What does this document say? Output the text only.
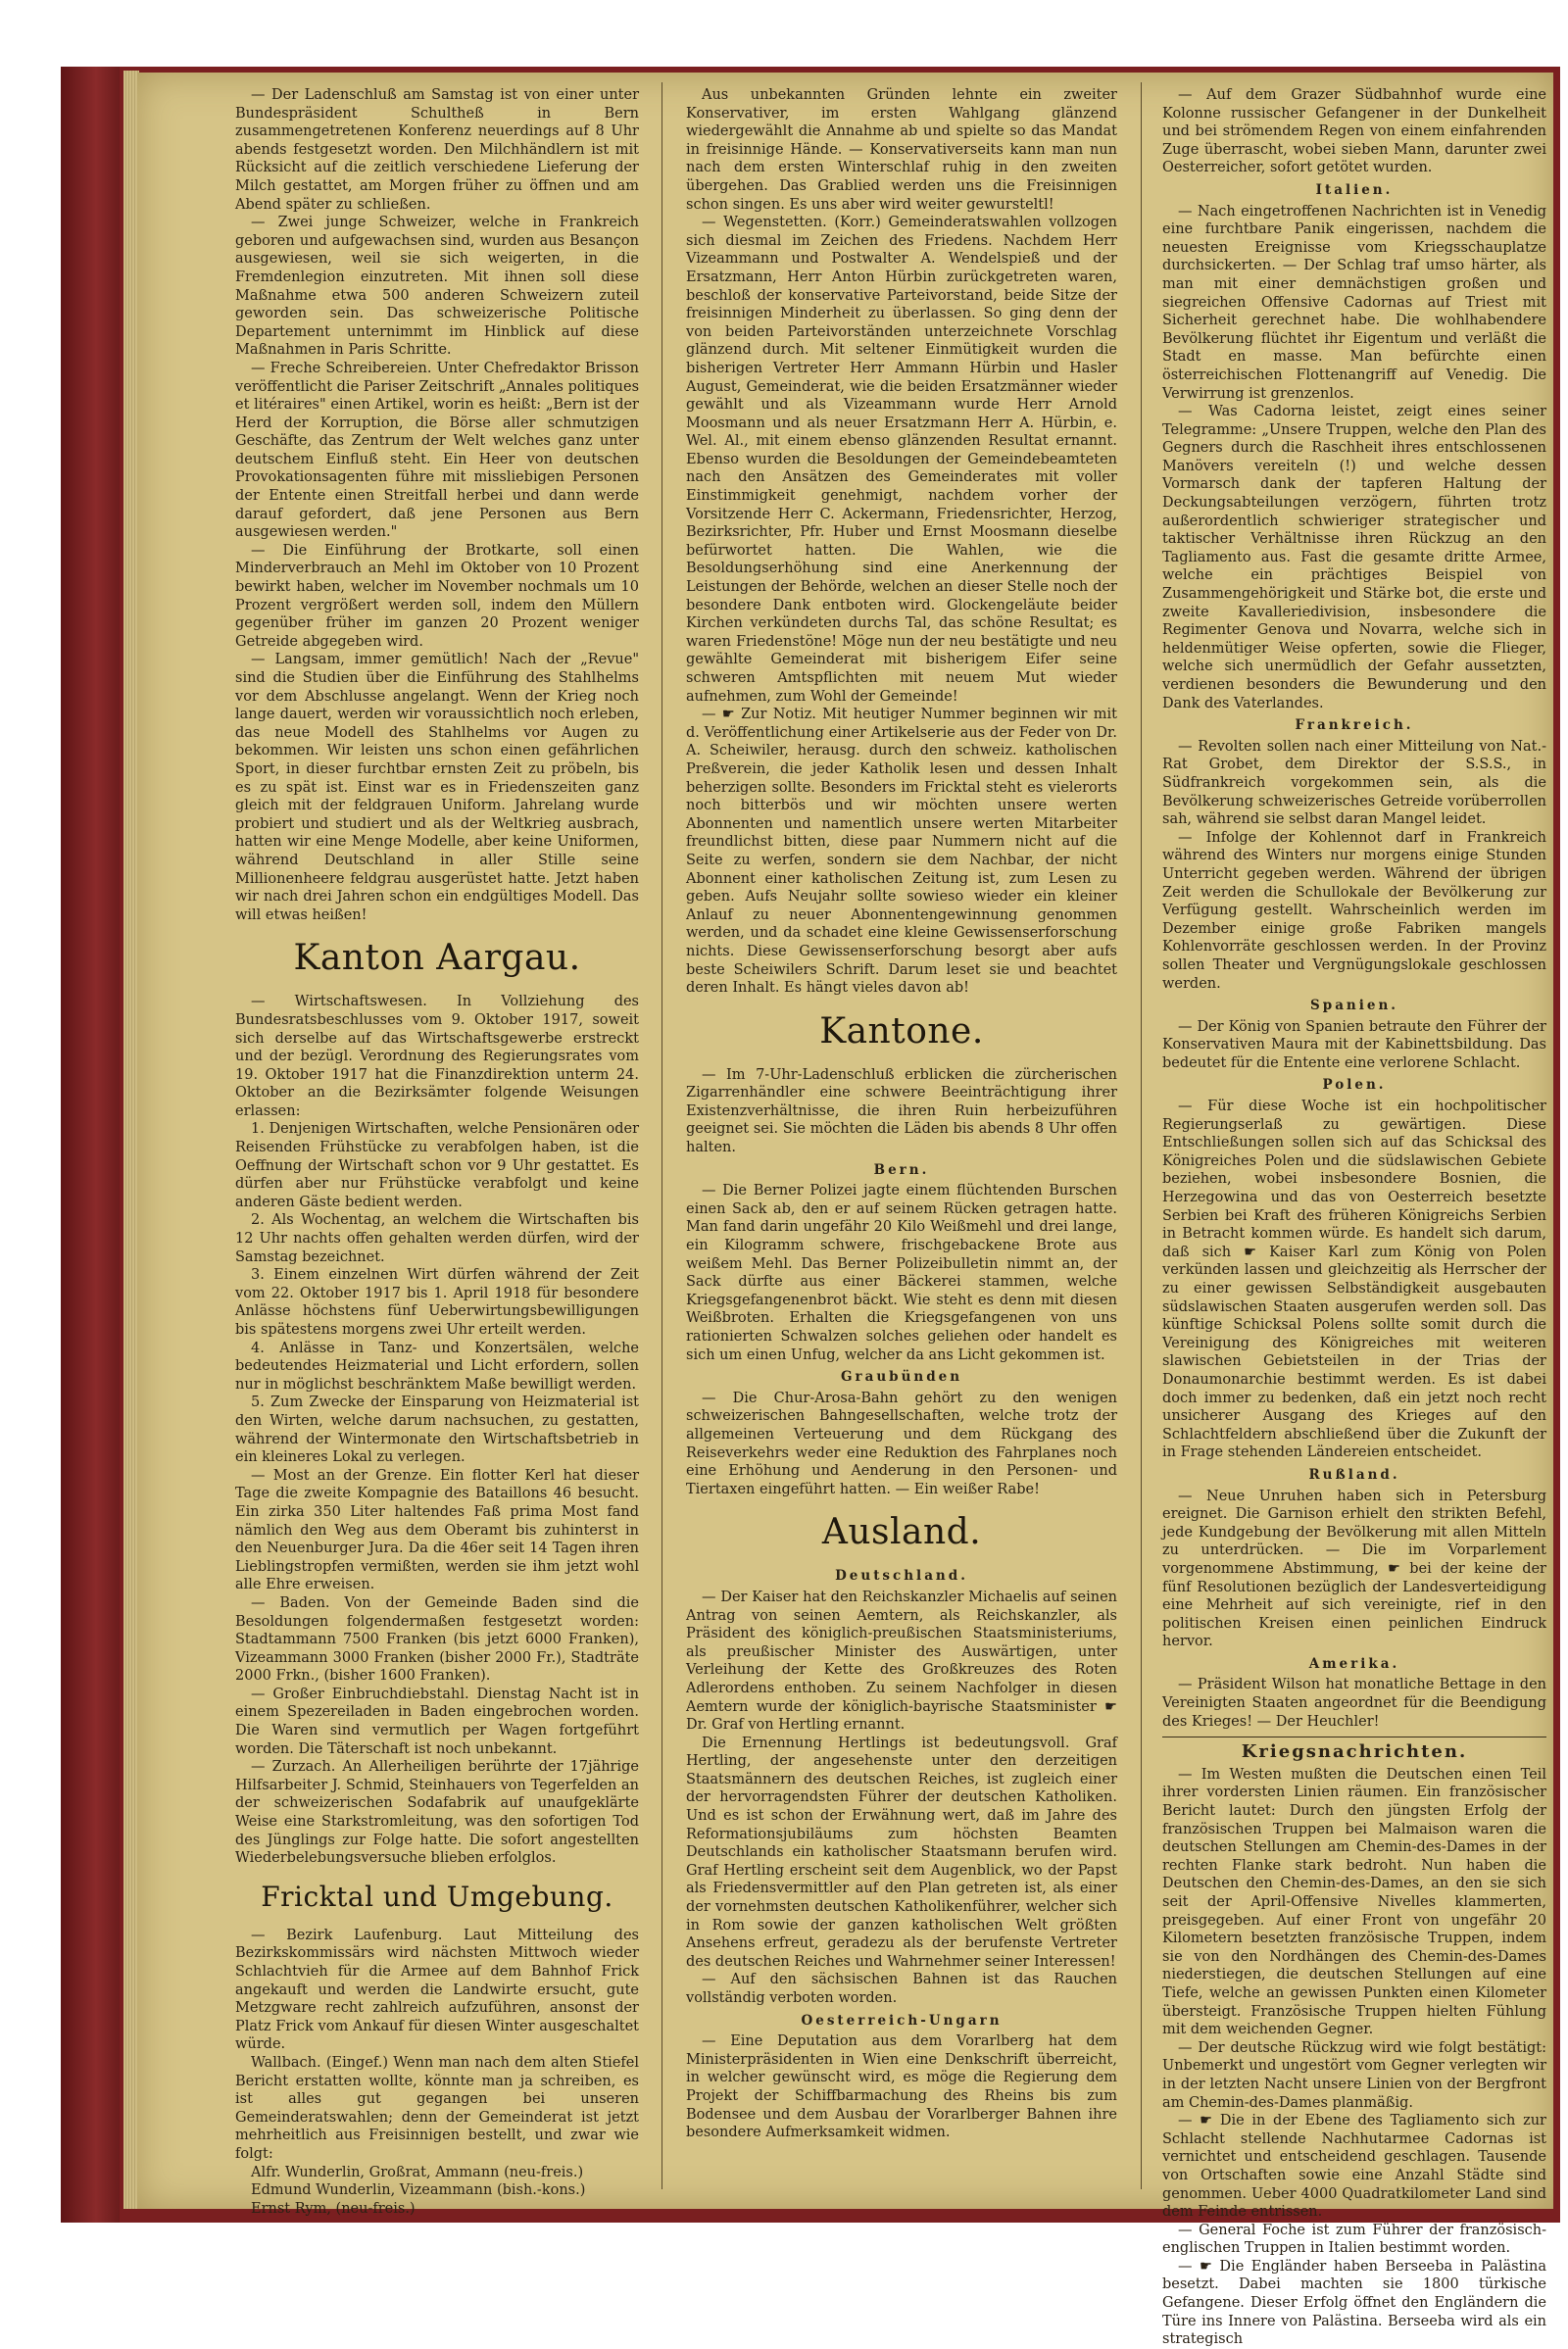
— Der Ladenschluß am Samstag ist von einer unter Bundespräsident Schultheß in Bern zusammengetretenen Konferenz neuerdings auf 8 Uhr abends festgesetzt worden. Den Milchhändlern ist mit Rücksicht auf die zeitlich verschiedene Lieferung der Milch gestattet, am Morgen früher zu öffnen und am Abend später zu schließen.

— Zwei junge Schweizer, welche in Frankreich geboren und aufgewachsen sind, wurden aus Besançon ausgewiesen, weil sie sich weigerten, in die Fremdenlegion einzutreten. Mit ihnen soll diese Maßnahme etwa 500 anderen Schweizern zuteil geworden sein. Das schweizerische Politische Departement unternimmt im Hinblick auf diese Maßnahmen in Paris Schritte.

— Freche Schreibereien. Unter Chefredaktor Brisson veröffentlicht die Pariser Zeitschrift „Annales politiques et litéraires" einen Artikel, worin es heißt: „Bern ist der Herd der Korruption, die Börse aller schmutzigen Geschäfte, das Zentrum der Welt welches ganz unter deutschem Einfluß steht. Ein Heer von deutschen Provokationsagenten führe mit missliebigen Personen der Entente einen Streitfall herbei und dann werde darauf gefordert, daß jene Personen aus Bern ausgewiesen werden."

— Die Einführung der Brotkarte, soll einen Minderverbrauch an Mehl im Oktober von 10 Prozent bewirkt haben, welcher im November nochmals um 10 Prozent vergrößert werden soll, indem den Müllern gegenüber früher im ganzen 20 Prozent weniger Getreide abgegeben wird.

— Langsam, immer gemütlich! Nach der „Revue" sind die Studien über die Einführung des Stahlhelms vor dem Abschlusse angelangt. Wenn der Krieg noch lange dauert, werden wir voraussichtlich noch erleben, das neue Modell des Stahlhelms vor Augen zu bekommen. Wir leisten uns schon einen gefährlichen Sport, in dieser furchtbar ernsten Zeit zu pröbeln, bis es zu spät ist. Einst war es in Friedenszeiten ganz gleich mit der feldgrauen Uniform. Jahrelang wurde probiert und studiert und als der Weltkrieg ausbrach, hatten wir eine Menge Modelle, aber keine Uniformen, während Deutschland in aller Stille seine Millionenheere feldgrau ausgerüstet hatte. Jetzt haben wir nach drei Jahren schon ein endgültiges Modell. Das will etwas heißen!

Kanton Aargau.

— Wirtschaftswesen. In Vollziehung des Bundesratsbeschlusses vom 9. Oktober 1917, soweit sich derselbe auf das Wirtschaftsgewerbe erstreckt und der bezügl. Verordnung des Regierungsrates vom 19. Oktober 1917 hat die Finanzdirektion unterm 24. Oktober an die Bezirksämter folgende Weisungen erlassen:

1. Denjenigen Wirtschaften, welche Pensionären oder Reisenden Frühstücke zu verabfolgen haben, ist die Oeffnung der Wirtschaft schon vor 9 Uhr gestattet. Es dürfen aber nur Frühstücke verabfolgt und keine anderen Gäste bedient werden.

2. Als Wochentag, an welchem die Wirtschaften bis 12 Uhr nachts offen gehalten werden dürfen, wird der Samstag bezeichnet.

3. Einem einzelnen Wirt dürfen während der Zeit vom 22. Oktober 1917 bis 1. April 1918 für besondere Anlässe höchstens fünf Ueberwirtungsbewilligungen bis spätestens morgens zwei Uhr erteilt werden.

4. Anlässe in Tanz- und Konzertsälen, welche bedeutendes Heizmaterial und Licht erfordern, sollen nur in möglichst beschränktem Maße bewilligt werden.

5. Zum Zwecke der Einsparung von Heizmaterial ist den Wirten, welche darum nachsuchen, zu gestatten, während der Wintermonate den Wirtschaftsbetrieb in ein kleineres Lokal zu verlegen.

— Most an der Grenze. Ein flotter Kerl hat dieser Tage die zweite Kompagnie des Bataillons 46 besucht. Ein zirka 350 Liter haltendes Faß prima Most fand nämlich den Weg aus dem Oberamt bis zuhinterst in den Neuenburger Jura. Da die 46er seit 14 Tagen ihren Lieblingstropfen vermißten, werden sie ihm jetzt wohl alle Ehre erweisen.

— Baden. Von der Gemeinde Baden sind die Besoldungen folgendermaßen festgesetzt worden: Stadtammann 7500 Franken (bis jetzt 6000 Franken), Vizeammann 3000 Franken (bisher 2000 Fr.), Stadträte 2000 Frkn., (bisher 1600 Franken).

— Großer Einbruchdiebstahl. Dienstag Nacht ist in einem Spezereiladen in Baden eingebrochen worden. Die Waren sind vermutlich per Wagen fortgeführt worden. Die Täterschaft ist noch unbekannt.

— Zurzach. An Allerheiligen berührte der 17jährige Hilfsarbeiter J. Schmid, Steinhauers von Tegerfelden an der schweizerischen Sodafabrik auf unaufgeklärte Weise eine Starkstromleitung, was den sofortigen Tod des Jünglings zur Folge hatte. Die sofort angestellten Wiederbelebungsversuche blieben erfolglos.

Fricktal und Umgebung.

— Bezirk Laufenburg. Laut Mitteilung des Bezirkskommissärs wird nächsten Mittwoch wieder Schlachtvieh für die Armee auf dem Bahnhof Frick angekauft und werden die Landwirte ersucht, gute Metzgware recht zahlreich aufzuführen, ansonst der Platz Frick vom Ankauf für diesen Winter ausgeschaltet würde.

Wallbach. (Eingef.) Wenn man nach dem alten Stiefel Bericht erstatten wollte, könnte man ja schreiben, es ist alles gut gegangen bei unseren Gemeinderatswahlen; denn der Gemeinderat ist jetzt mehrheitlich aus Freisinnigen bestellt, und zwar wie folgt:

Alfr. Wunderlin, Großrat, Ammann (neu-freis.)

Edmund Wunderlin, Vizeammann (bish.-kons.)

Ernst Rym, (neu-freis.)

Aus unbekannten Gründen lehnte ein zweiter Konservativer, im ersten Wahlgang glänzend wiedergewählt die Annahme ab und spielte so das Mandat in freisinnige Hände. — Konservativerseits kann man nun nach dem ersten Winterschlaf ruhig in den zweiten übergehen. Das Grablied werden uns die Freisinnigen schon singen. Es uns aber wird weiter gewursteltl!

— Wegenstetten. (Korr.) Gemeinderatswahlen vollzogen sich diesmal im Zeichen des Friedens. Nachdem Herr Vizeammann und Postwalter A. Wendelspieß und der Ersatzmann, Herr Anton Hürbin zurückgetreten waren, beschloß der konservative Parteivorstand, beide Sitze der freisinnigen Minderheit zu überlassen. So ging denn der von beiden Parteivorständen unterzeichnete Vorschlag glänzend durch. Mit seltener Einmütigkeit wurden die bisherigen Vertreter Herr Ammann Hürbin und Hasler August, Gemeinderat, wie die beiden Ersatzmänner wieder gewählt und als Vizeammann wurde Herr Arnold Moosmann und als neuer Ersatzmann Herr A. Hürbin, e. Wel. Al., mit einem ebenso glänzenden Resultat ernannt. Ebenso wurden die Besoldungen der Gemeindebeamteten nach den Ansätzen des Gemeinderates mit voller Einstimmigkeit genehmigt, nachdem vorher der Vorsitzende Herr C. Ackermann, Friedensrichter, Herzog, Bezirksrichter, Pfr. Huber und Ernst Moosmann dieselbe befürwortet hatten. Die Wahlen, wie die Besoldungserhöhung sind eine Anerkennung der Leistungen der Behörde, welchen an dieser Stelle noch der besondere Dank entboten wird. Glockengeläute beider Kirchen verkündeten durchs Tal, das schöne Resultat; es waren Friedenstöne! Möge nun der neu bestätigte und neu gewählte Gemeinderat mit bisherigem Eifer seine schweren Amtspflichten mit neuem Mut wieder aufnehmen, zum Wohl der Gemeinde!

— ☛ Zur Notiz. Mit heutiger Nummer beginnen wir mit d. Veröffentlichung einer Artikelserie aus der Feder von Dr. A. Scheiwiler, herausg. durch den schweiz. katholischen Preßverein, die jeder Katholik lesen und dessen Inhalt beherzigen sollte. Besonders im Fricktal steht es vielerorts noch bitterbös und wir möchten unsere werten Abonnenten und namentlich unsere werten Mitarbeiter freundlichst bitten, diese paar Nummern nicht auf die Seite zu werfen, sondern sie dem Nachbar, der nicht Abonnent einer katholischen Zeitung ist, zum Lesen zu geben. Aufs Neujahr sollte sowieso wieder ein kleiner Anlauf zu neuer Abonnentengewinnung genommen werden, und da schadet eine kleine Gewissenserforschung nichts. Diese Gewissenserforschung besorgt aber aufs beste Scheiwilers Schrift. Darum leset sie und beachtet deren Inhalt. Es hängt vieles davon ab!

Kantone.

— Im 7-Uhr-Ladenschluß erblicken die zürcherischen Zigarrenhändler eine schwere Beeinträchtigung ihrer Existenzverhältnisse, die ihren Ruin herbeizuführen geeignet sei. Sie möchten die Läden bis abends 8 Uhr offen halten.

Bern.

— Die Berner Polizei jagte einem flüchtenden Burschen einen Sack ab, den er auf seinem Rücken getragen hatte. Man fand darin ungefähr 20 Kilo Weißmehl und drei lange, ein Kilogramm schwere, frischgebackene Brote aus weißem Mehl. Das Berner Polizeibulletin nimmt an, der Sack dürfte aus einer Bäckerei stammen, welche Kriegsgefangenenbrot bäckt. Wie steht es denn mit diesen Weißbroten. Erhalten die Kriegsgefangenen von uns rationierten Schwalzen solches geliehen oder handelt es sich um einen Unfug, welcher da ans Licht gekommen ist.

Graubünden

— Die Chur-Arosa-Bahn gehört zu den wenigen schweizerischen Bahngesellschaften, welche trotz der allgemeinen Verteuerung und dem Rückgang des Reiseverkehrs weder eine Reduktion des Fahrplanes noch eine Erhöhung und Aenderung in den Personen- und Tiertaxen eingeführt hatten. — Ein weißer Rabe!

Ausland.
Deutschland.

— Der Kaiser hat den Reichskanzler Michaelis auf seinen Antrag von seinen Aemtern, als Reichskanzler, als Präsident des königlich-preußischen Staatsministeriums, als preußischer Minister des Auswärtigen, unter Verleihung der Kette des Großkreuzes des Roten Adlerordens enthoben. Zu seinem Nachfolger in diesen Aemtern wurde der königlich-bayrische Staatsminister ☛ Dr. Graf von Hertling ernannt.

Die Ernennung Hertlings ist bedeutungsvoll. Graf Hertling, der angesehenste unter den derzeitigen Staatsmännern des deutschen Reiches, ist zugleich einer der hervorragendsten Führer der deutschen Katholiken. Und es ist schon der Erwähnung wert, daß im Jahre des Reformationsjubiläums zum höchsten Beamten Deutschlands ein katholischer Staatsmann berufen wird. Graf Hertling erscheint seit dem Augenblick, wo der Papst als Friedensvermittler auf den Plan getreten ist, als einer der vornehmsten deutschen Katholikenführer, welcher sich in Rom sowie der ganzen katholischen Welt größten Ansehens erfreut, geradezu als der berufenste Vertreter des deutschen Reiches und Wahrnehmer seiner Interessen!

— Auf den sächsischen Bahnen ist das Rauchen vollständig verboten worden.

Oesterreich-Ungarn

— Eine Deputation aus dem Vorarlberg hat dem Ministerpräsidenten in Wien eine Denkschrift überreicht, in welcher gewünscht wird, es möge die Regierung dem Projekt der Schiffbarmachung des Rheins bis zum Bodensee und dem Ausbau der Vorarlberger Bahnen ihre besondere Aufmerksamkeit widmen.

— Auf dem Grazer Südbahnhof wurde eine Kolonne russischer Gefangener in der Dunkelheit und bei strömendem Regen von einem einfahrenden Zuge überrascht, wobei sieben Mann, darunter zwei Oesterreicher, sofort getötet wurden.

Italien.

— Nach eingetroffenen Nachrichten ist in Venedig eine furchtbare Panik eingerissen, nachdem die neuesten Ereignisse vom Kriegsschauplatze durchsickerten. — Der Schlag traf umso härter, als man mit einer demnächstigen großen und siegreichen Offensive Cadornas auf Triest mit Sicherheit gerechnet habe. Die wohlhabendere Bevölkerung flüchtet ihr Eigentum und verläßt die Stadt en masse. Man befürchte einen österreichischen Flottenangriff auf Venedig. Die Verwirrung ist grenzenlos.

— Was Cadorna leistet, zeigt eines seiner Telegramme: „Unsere Truppen, welche den Plan des Gegners durch die Raschheit ihres entschlossenen Manövers vereiteln (!) und welche dessen Vormarsch dank der tapferen Haltung der Deckungsabteilungen verzögern, führten trotz außerordentlich schwieriger strategischer und taktischer Verhältnisse ihren Rückzug an den Tagliamento aus. Fast die gesamte dritte Armee, welche ein prächtiges Beispiel von Zusammengehörigkeit und Stärke bot, die erste und zweite Kavalleriedivision, insbesondere die Regimenter Genova und Novarra, welche sich in heldenmütiger Weise opferten, sowie die Flieger, welche sich unermüdlich der Gefahr aussetzten, verdienen besonders die Bewunderung und den Dank des Vaterlandes.

Frankreich.

— Revolten sollen nach einer Mitteilung von Nat.-Rat Grobet, dem Direktor der S.S.S., in Südfrankreich vorgekommen sein, als die Bevölkerung schweizerisches Getreide vorüberrollen sah, während sie selbst daran Mangel leidet.

— Infolge der Kohlennot darf in Frankreich während des Winters nur morgens einige Stunden Unterricht gegeben werden. Während der übrigen Zeit werden die Schullokale der Bevölkerung zur Verfügung gestellt. Wahrscheinlich werden im Dezember einige große Fabriken mangels Kohlenvorräte geschlossen werden. In der Provinz sollen Theater und Vergnügungslokale geschlossen werden.

Spanien.

— Der König von Spanien betraute den Führer der Konservativen Maura mit der Kabinettsbildung. Das bedeutet für die Entente eine verlorene Schlacht.

Polen.

— Für diese Woche ist ein hochpolitischer Regierungserlaß zu gewärtigen. Diese Entschließungen sollen sich auf das Schicksal des Königreiches Polen und die südslawischen Gebiete beziehen, wobei insbesondere Bosnien, die Herzegowina und das von Oesterreich besetzte Serbien bei Kraft des früheren Königreichs Serbien in Betracht kommen würde. Es handelt sich darum, daß sich ☛ Kaiser Karl zum König von Polen verkünden lassen und gleichzeitig als Herrscher der zu einer gewissen Selbständigkeit ausgebauten südslawischen Staaten ausgerufen werden soll. Das künftige Schicksal Polens sollte somit durch die Vereinigung des Königreiches mit weiteren slawischen Gebietsteilen in der Trias der Donaumonarchie bestimmt werden. Es ist dabei doch immer zu bedenken, daß ein jetzt noch recht unsicherer Ausgang des Krieges auf den Schlachtfeldern abschließend über die Zukunft der in Frage stehenden Ländereien entscheidet.

Rußland.

— Neue Unruhen haben sich in Petersburg ereignet. Die Garnison erhielt den strikten Befehl, jede Kundgebung der Bevölkerung mit allen Mitteln zu unterdrücken. — Die im Vorparlement vorgenommene Abstimmung, ☛ bei der keine der fünf Resolutionen bezüglich der Landesverteidigung eine Mehrheit auf sich vereinigte, rief in den politischen Kreisen einen peinlichen Eindruck hervor.

Amerika.

— Präsident Wilson hat monatliche Bettage in den Vereinigten Staaten angeordnet für die Beendigung des Krieges! — Der Heuchler!

Kriegsnachrichten.

— Im Westen mußten die Deutschen einen Teil ihrer vordersten Linien räumen. Ein französischer Bericht lautet: Durch den jüngsten Erfolg der französischen Truppen bei Malmaison waren die deutschen Stellungen am Chemin-des-Dames in der rechten Flanke stark bedroht. Nun haben die Deutschen den Chemin-des-Dames, an den sie sich seit der April-Offensive Nivelles klammerten, preisgegeben. Auf einer Front von ungefähr 20 Kilometern besetzten französische Truppen, indem sie von den Nordhängen des Chemin-des-Dames niederstiegen, die deutschen Stellungen auf eine Tiefe, welche an gewissen Punkten einen Kilometer übersteigt. Französische Truppen hielten Fühlung mit dem weichenden Gegner.

— Der deutsche Rückzug wird wie folgt bestätigt: Unbemerkt und ungestört vom Gegner verlegten wir in der letzten Nacht unsere Linien von der Bergfront am Chemin-des-Dames planmäßig.

— ☛ Die in der Ebene des Tagliamento sich zur Schlacht stellende Nachhutarmee Cadornas ist vernichtet und entscheidend geschlagen. Tausende von Ortschaften sowie eine Anzahl Städte sind genommen. Ueber 4000 Quadratkilometer Land sind dem Feinde entrissen.

— General Foche ist zum Führer der französisch-englischen Truppen in Italien bestimmt worden.

— ☛ Die Engländer haben Berseeba in Palästina besetzt. Dabei machten sie 1800 türkische Gefangene. Dieser Erfolg öffnet den Engländern die Türe ins Innere von Palästina. Berseeba wird als ein strategisch
